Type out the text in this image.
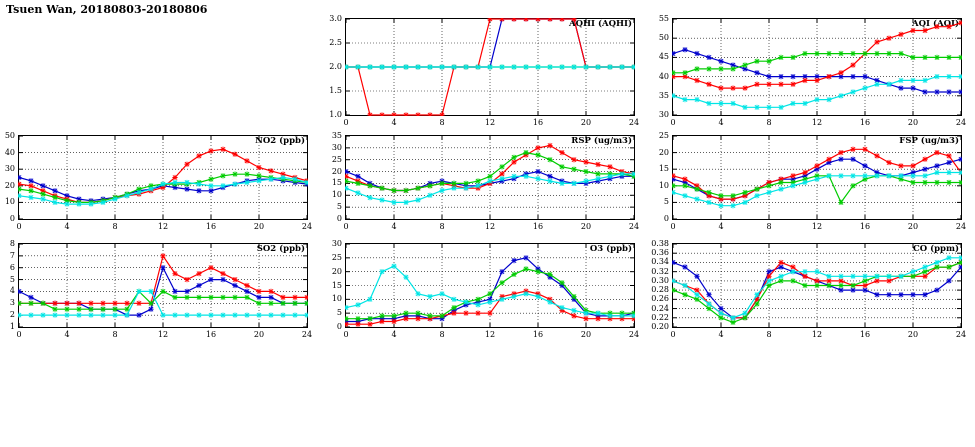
Tsuen Wan, 20180803-20180806
AQHI (AQHI)
0	4	8	12	16	20	24
1.0
1.5
2.0
2.5
3.0
AQI (AQI)
0	4	8	12	16	20	24
30
35
40
45
50
55
NO2 (ppb)
0	4	8	12	16	20	24
0
10
20
30
40
50
RSP (ug/m3)
0	4	8	12	16	20	24
0
5
10
15
20
25
30
35
FSP (ug/m3)
0	4	8	12	16	20	24
0
5
10
15
20
25
SO2 (ppb)
0	4	8	12	16	20	24
1
2
3
4
5
6
7
8
O3 (ppb)
0	4	8	12	16	20	24
0
5
10
15
20
25
30
CO (ppm)
0	4	8	12	16	20	24
0.20
0.22
0.24
0.26
0.28
0.30
0.32
0.34
0.36
0.38
